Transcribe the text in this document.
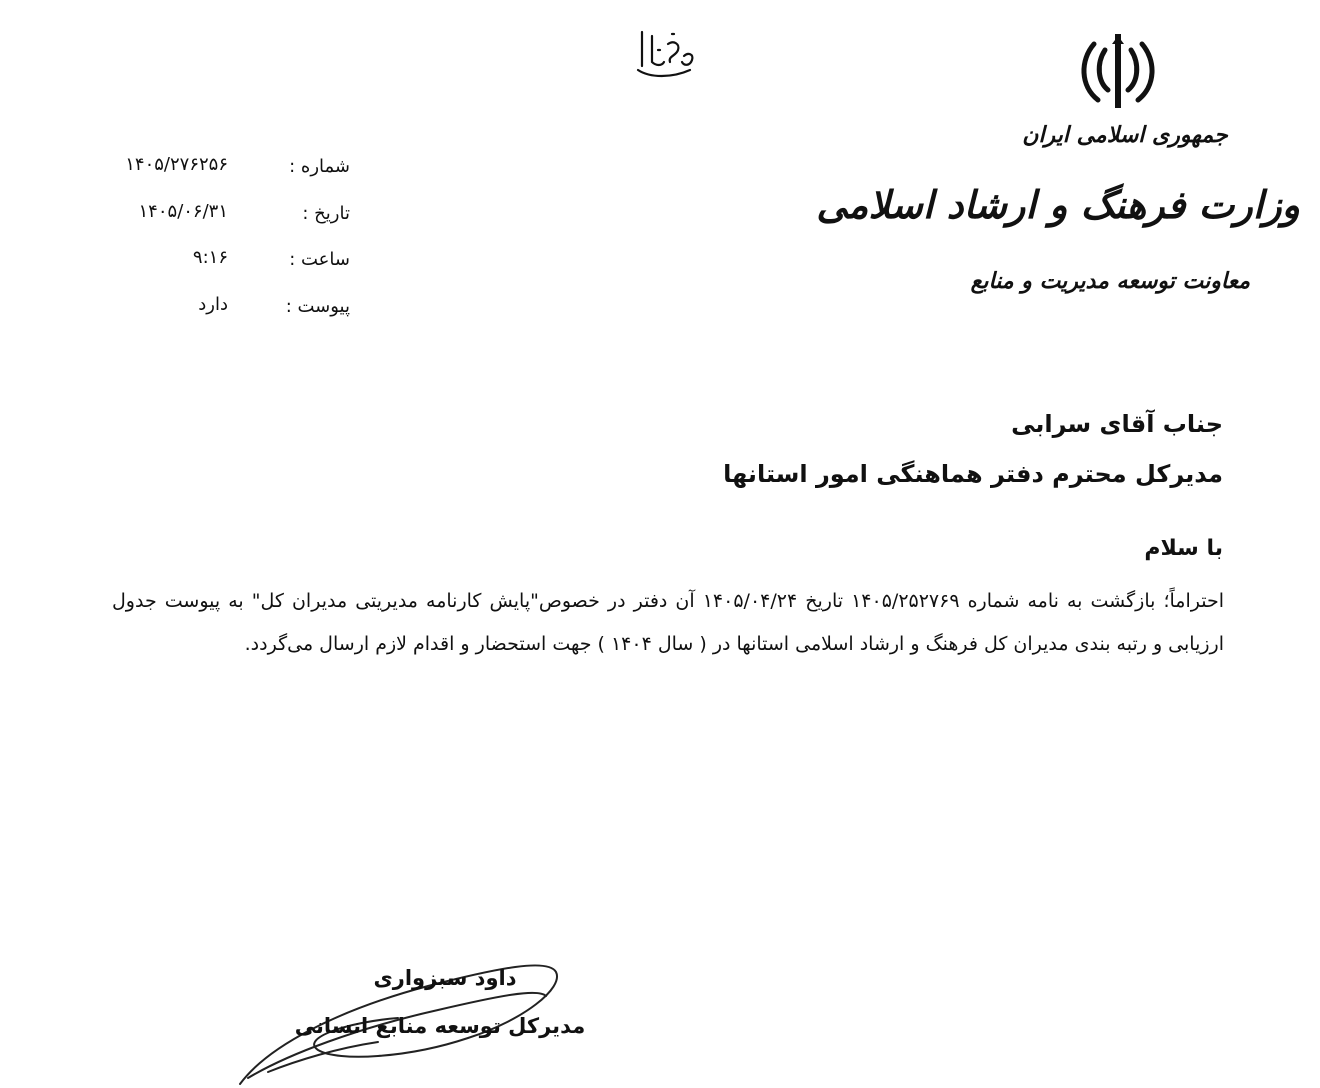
جمهوری اسلامی ایران
وزارت فرهنگ و ارشاد اسلامی
معاونت توسعه مدیریت و منابع
شماره :
۱۴۰۵/۲۷۶۲۵۶
تاریخ :
۱۴۰۵/۰۶/۳۱
ساعت :
۹:۱۶
پیوست :
دارد
جناب آقای سرابی
مدیرکل محترم دفتر هماهنگی امور استانها
با سلام
احتراماً؛ بازگشت به نامه شماره ۱۴۰۵/۲۵۲۷۶۹ تاریخ ۱۴۰۵/۰۴/۲۴ آن دفتر در خصوص"پایش کارنامه مدیریتی مدیران کل" به پیوست جدول ارزیابی و رتبه بندی مدیران کل فرهنگ و ارشاد اسلامی استانها در ( سال ۱۴۰۴ ) جهت استحضار و اقدام لازم ارسال می‌گردد.
داود سبزواری
مدیرکل توسعه منابع انسانی
